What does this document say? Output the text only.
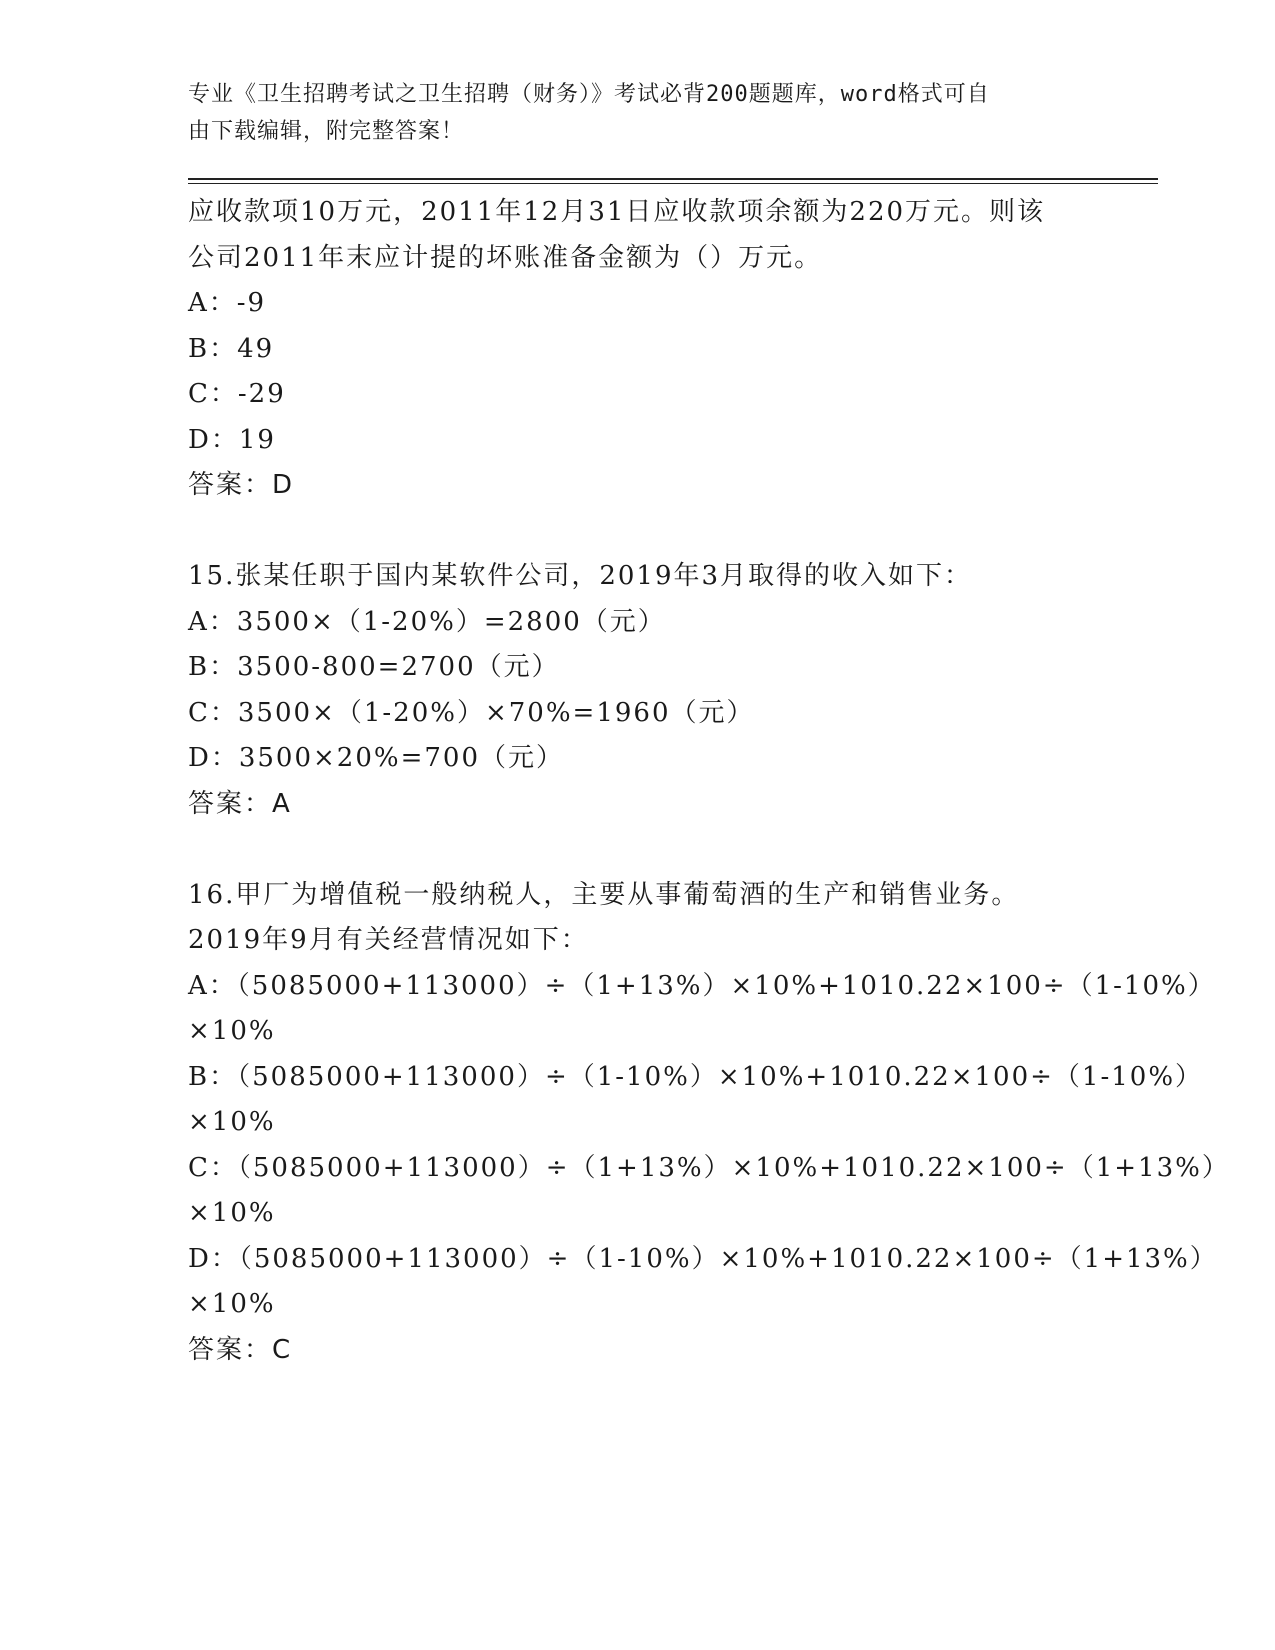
专业《卫生招聘考试之卫生招聘（财务）》考试必背200题题库，word格式可自
由下载编辑，附完整答案！
应收款项10万元，2011年12月31日应收款项余额为220万元。则该
公司2011年末应计提的坏账准备金额为（）万元。
A：-9
B：49
C：-29
D：19
答案：D
15.张某任职于国内某软件公司，2019年3月取得的收入如下：
A：3500×（1-20%）=2800（元）
B：3500-800=2700（元）
C：3500×（1-20%）×70%=1960（元）
D：3500×20%=700（元）
答案：A
16.甲厂为增值税一般纳税人，主要从事葡萄酒的生产和销售业务。
2019年9月有关经营情况如下：
A：（5085000+113000）÷（1+13%）×10%+1010.22×100÷（1-10%）
×10%
B：（5085000+113000）÷（1-10%）×10%+1010.22×100÷（1-10%）
×10%
C：（5085000+113000）÷（1+13%）×10%+1010.22×100÷（1+13%）
×10%
D：（5085000+113000）÷（1-10%）×10%+1010.22×100÷（1+13%）
×10%
答案：C
